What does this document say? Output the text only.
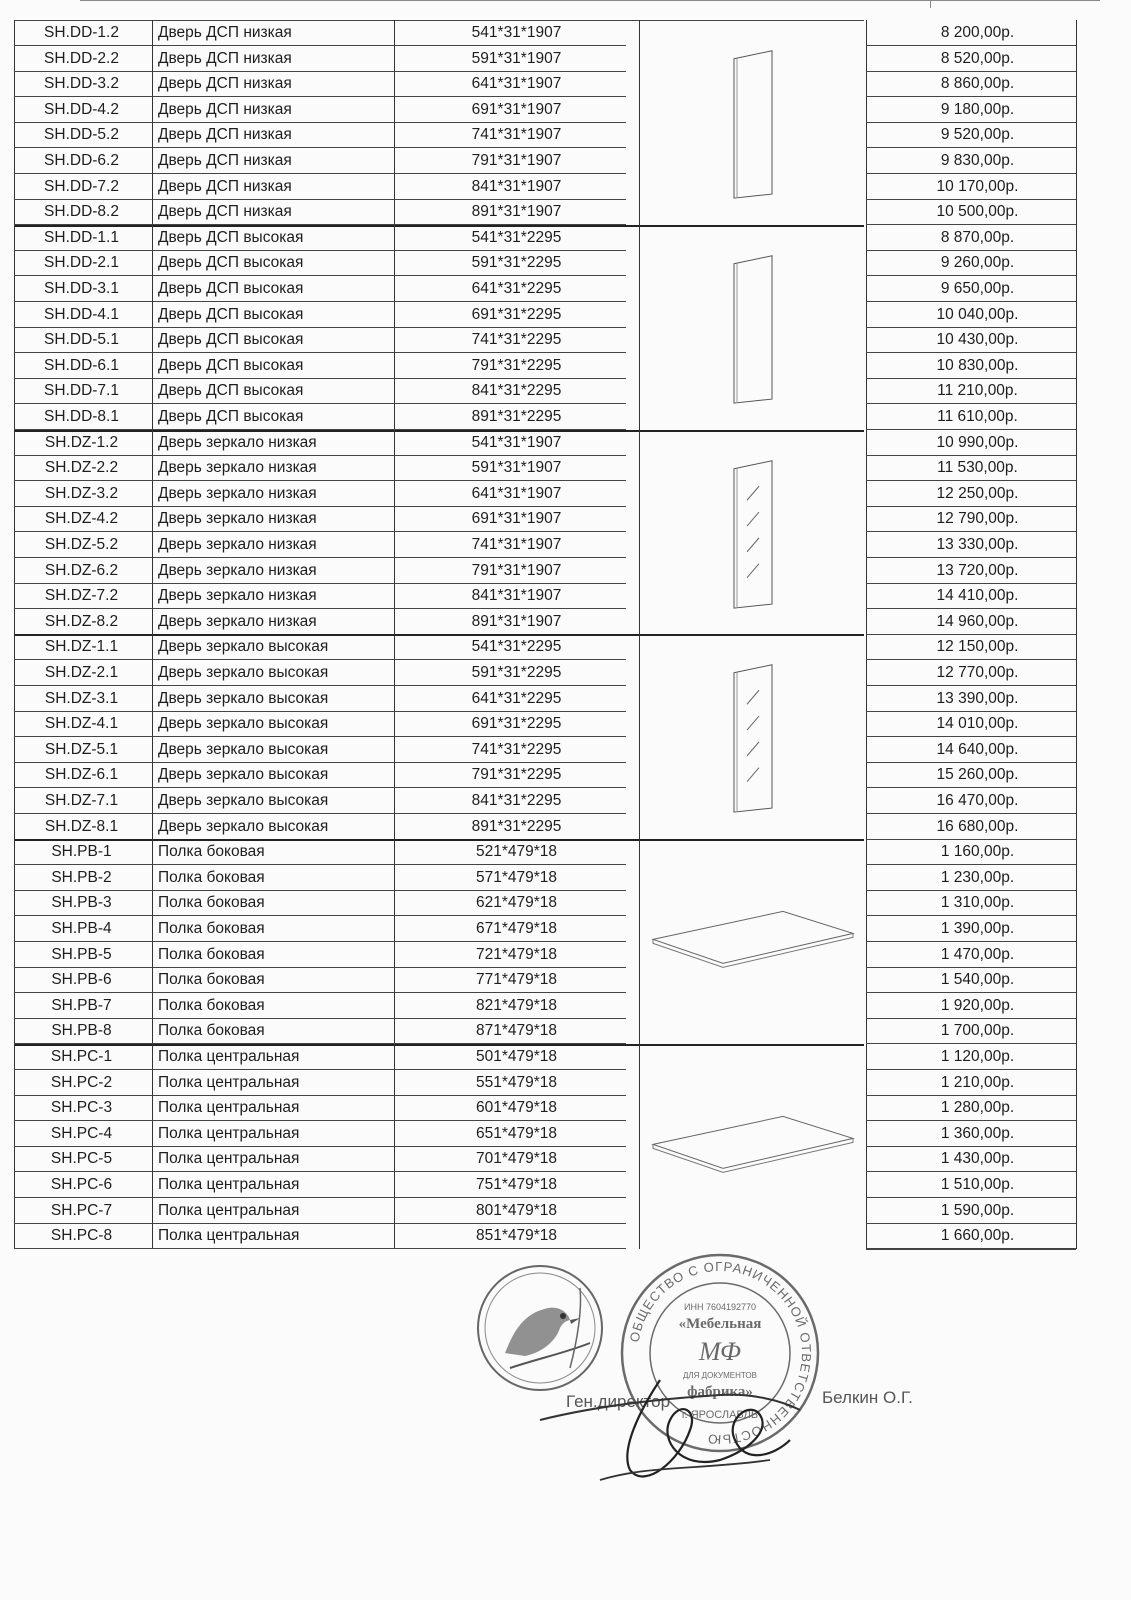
SH.DD-1.2	Дверь ДСП низкая	541*31*1907	8 200,00р.
SH.DD-2.2	Дверь ДСП низкая	591*31*1907	8 520,00р.
SH.DD-3.2	Дверь ДСП низкая	641*31*1907	8 860,00р.
SH.DD-4.2	Дверь ДСП низкая	691*31*1907	9 180,00р.
SH.DD-5.2	Дверь ДСП низкая	741*31*1907	9 520,00р.
SH.DD-6.2	Дверь ДСП низкая	791*31*1907	9 830,00р.
SH.DD-7.2	Дверь ДСП низкая	841*31*1907	10 170,00р.
SH.DD-8.2	Дверь ДСП низкая	891*31*1907	10 500,00р.
SH.DD-1.1	Дверь ДСП высокая	541*31*2295	8 870,00р.
SH.DD-2.1	Дверь ДСП высокая	591*31*2295	9 260,00р.
SH.DD-3.1	Дверь ДСП высокая	641*31*2295	9 650,00р.
SH.DD-4.1	Дверь ДСП высокая	691*31*2295	10 040,00р.
SH.DD-5.1	Дверь ДСП высокая	741*31*2295	10 430,00р.
SH.DD-6.1	Дверь ДСП высокая	791*31*2295	10 830,00р.
SH.DD-7.1	Дверь ДСП высокая	841*31*2295	11 210,00р.
SH.DD-8.1	Дверь ДСП высокая	891*31*2295	11 610,00р.
SH.DZ-1.2	Дверь зеркало низкая	541*31*1907	10 990,00р.
SH.DZ-2.2	Дверь зеркало низкая	591*31*1907	11 530,00р.
SH.DZ-3.2	Дверь зеркало низкая	641*31*1907	12 250,00р.
SH.DZ-4.2	Дверь зеркало низкая	691*31*1907	12 790,00р.
SH.DZ-5.2	Дверь зеркало низкая	741*31*1907	13 330,00р.
SH.DZ-6.2	Дверь зеркало низкая	791*31*1907	13 720,00р.
SH.DZ-7.2	Дверь зеркало низкая	841*31*1907	14 410,00р.
SH.DZ-8.2	Дверь зеркало низкая	891*31*1907	14 960,00р.
SH.DZ-1.1	Дверь зеркало высокая	541*31*2295	12 150,00р.
SH.DZ-2.1	Дверь зеркало высокая	591*31*2295	12 770,00р.
SH.DZ-3.1	Дверь зеркало высокая	641*31*2295	13 390,00р.
SH.DZ-4.1	Дверь зеркало высокая	691*31*2295	14 010,00р.
SH.DZ-5.1	Дверь зеркало высокая	741*31*2295	14 640,00р.
SH.DZ-6.1	Дверь зеркало высокая	791*31*2295	15 260,00р.
SH.DZ-7.1	Дверь зеркало высокая	841*31*2295	16 470,00р.
SH.DZ-8.1	Дверь зеркало высокая	891*31*2295	16 680,00р.
SH.PB-1	Полка боковая	521*479*18	1 160,00р.
SH.PB-2	Полка боковая	571*479*18	1 230,00р.
SH.PB-3	Полка боковая	621*479*18	1 310,00р.
SH.PB-4	Полка боковая	671*479*18	1 390,00р.
SH.PB-5	Полка боковая	721*479*18	1 470,00р.
SH.PB-6	Полка боковая	771*479*18	1 540,00р.
SH.PB-7	Полка боковая	821*479*18	1 920,00р.
SH.PB-8	Полка боковая	871*479*18	1 700,00р.
SH.PC-1	Полка центральная	501*479*18	1 120,00р.
SH.PC-2	Полка центральная	551*479*18	1 210,00р.
SH.PC-3	Полка центральная	601*479*18	1 280,00р.
SH.PC-4	Полка центральная	651*479*18	1 360,00р.
SH.PC-5	Полка центральная	701*479*18	1 430,00р.
SH.PC-6	Полка центральная	751*479*18	1 510,00р.
SH.PC-7	Полка центральная	801*479*18	1 590,00р.
SH.PC-8	Полка центральная	851*479*18	1 660,00р.
ОБЩЕСТВО С ОГРАНИЧЕННОЙ ОТВЕТСТВЕННОСТЬЮ
ИНН 7604192770
«Мебельная
МФ
ДЛЯ ДОКУМЕНТОВ
фабрика»
г. ЯРОСЛАВЛЬ
Ген.директор	Белкин О.Г.
